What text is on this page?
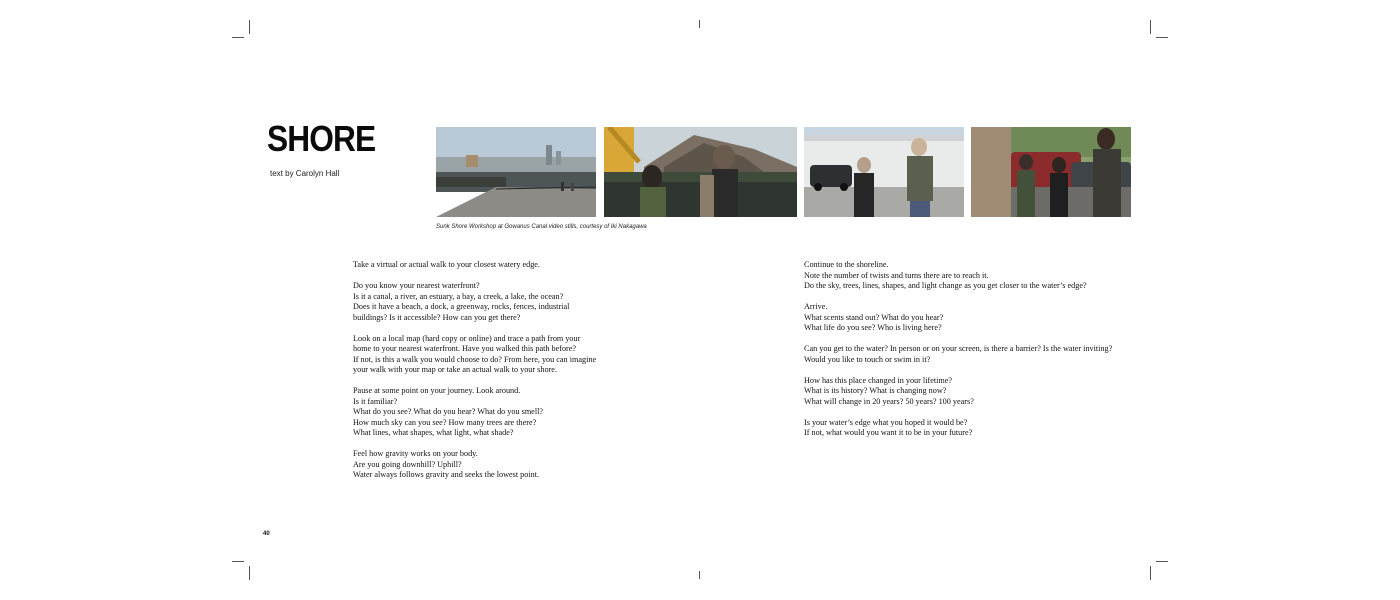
SHORE
text by Carolyn Hall
Sunk Shore Workshop at Gowanus Canal video stills, courtesy of Iki Nakagawa

Take a virtual or actual walk to your closest watery edge.

Do you know your nearest waterfront?
Is it a canal, a river, an estuary, a bay, a creek, a lake, the ocean?
Does it have a beach, a dock, a greenway, rocks, fences, industrial
buildings? Is it accessible? How can you get there?

Look on a local map (hard copy or online) and trace a path from your
home to your nearest waterfront. Have you walked this path before?
If not, is this a walk you would choose to do? From here, you can imagine
your walk with your map or take an actual walk to your shore.

Pause at some point on your journey. Look around.
Is it familiar?
What do you see? What do you hear? What do you smell?
How much sky can you see? How many trees are there?
What lines, what shapes, what light, what shade?

Feel how gravity works on your body.
Are you going downhill? Uphill?
Water always follows gravity and seeks the lowest point.

Continue to the shoreline.
Note the number of twists and turns there are to reach it.
Do the sky, trees, lines, shapes, and light change as you get closer to the water’s edge?

Arrive.
What scents stand out? What do you hear?
What life do you see? Who is living here?

Can you get to the water? In person or on your screen, is there a barrier? Is the water inviting?
Would you like to touch or swim in it?

How has this place changed in your lifetime?
What is its history? What is changing now?
What will change in 20 years? 50 years? 100 years?

Is your water’s edge what you hoped it would be?
If not, what would you want it to be in your future?

40
